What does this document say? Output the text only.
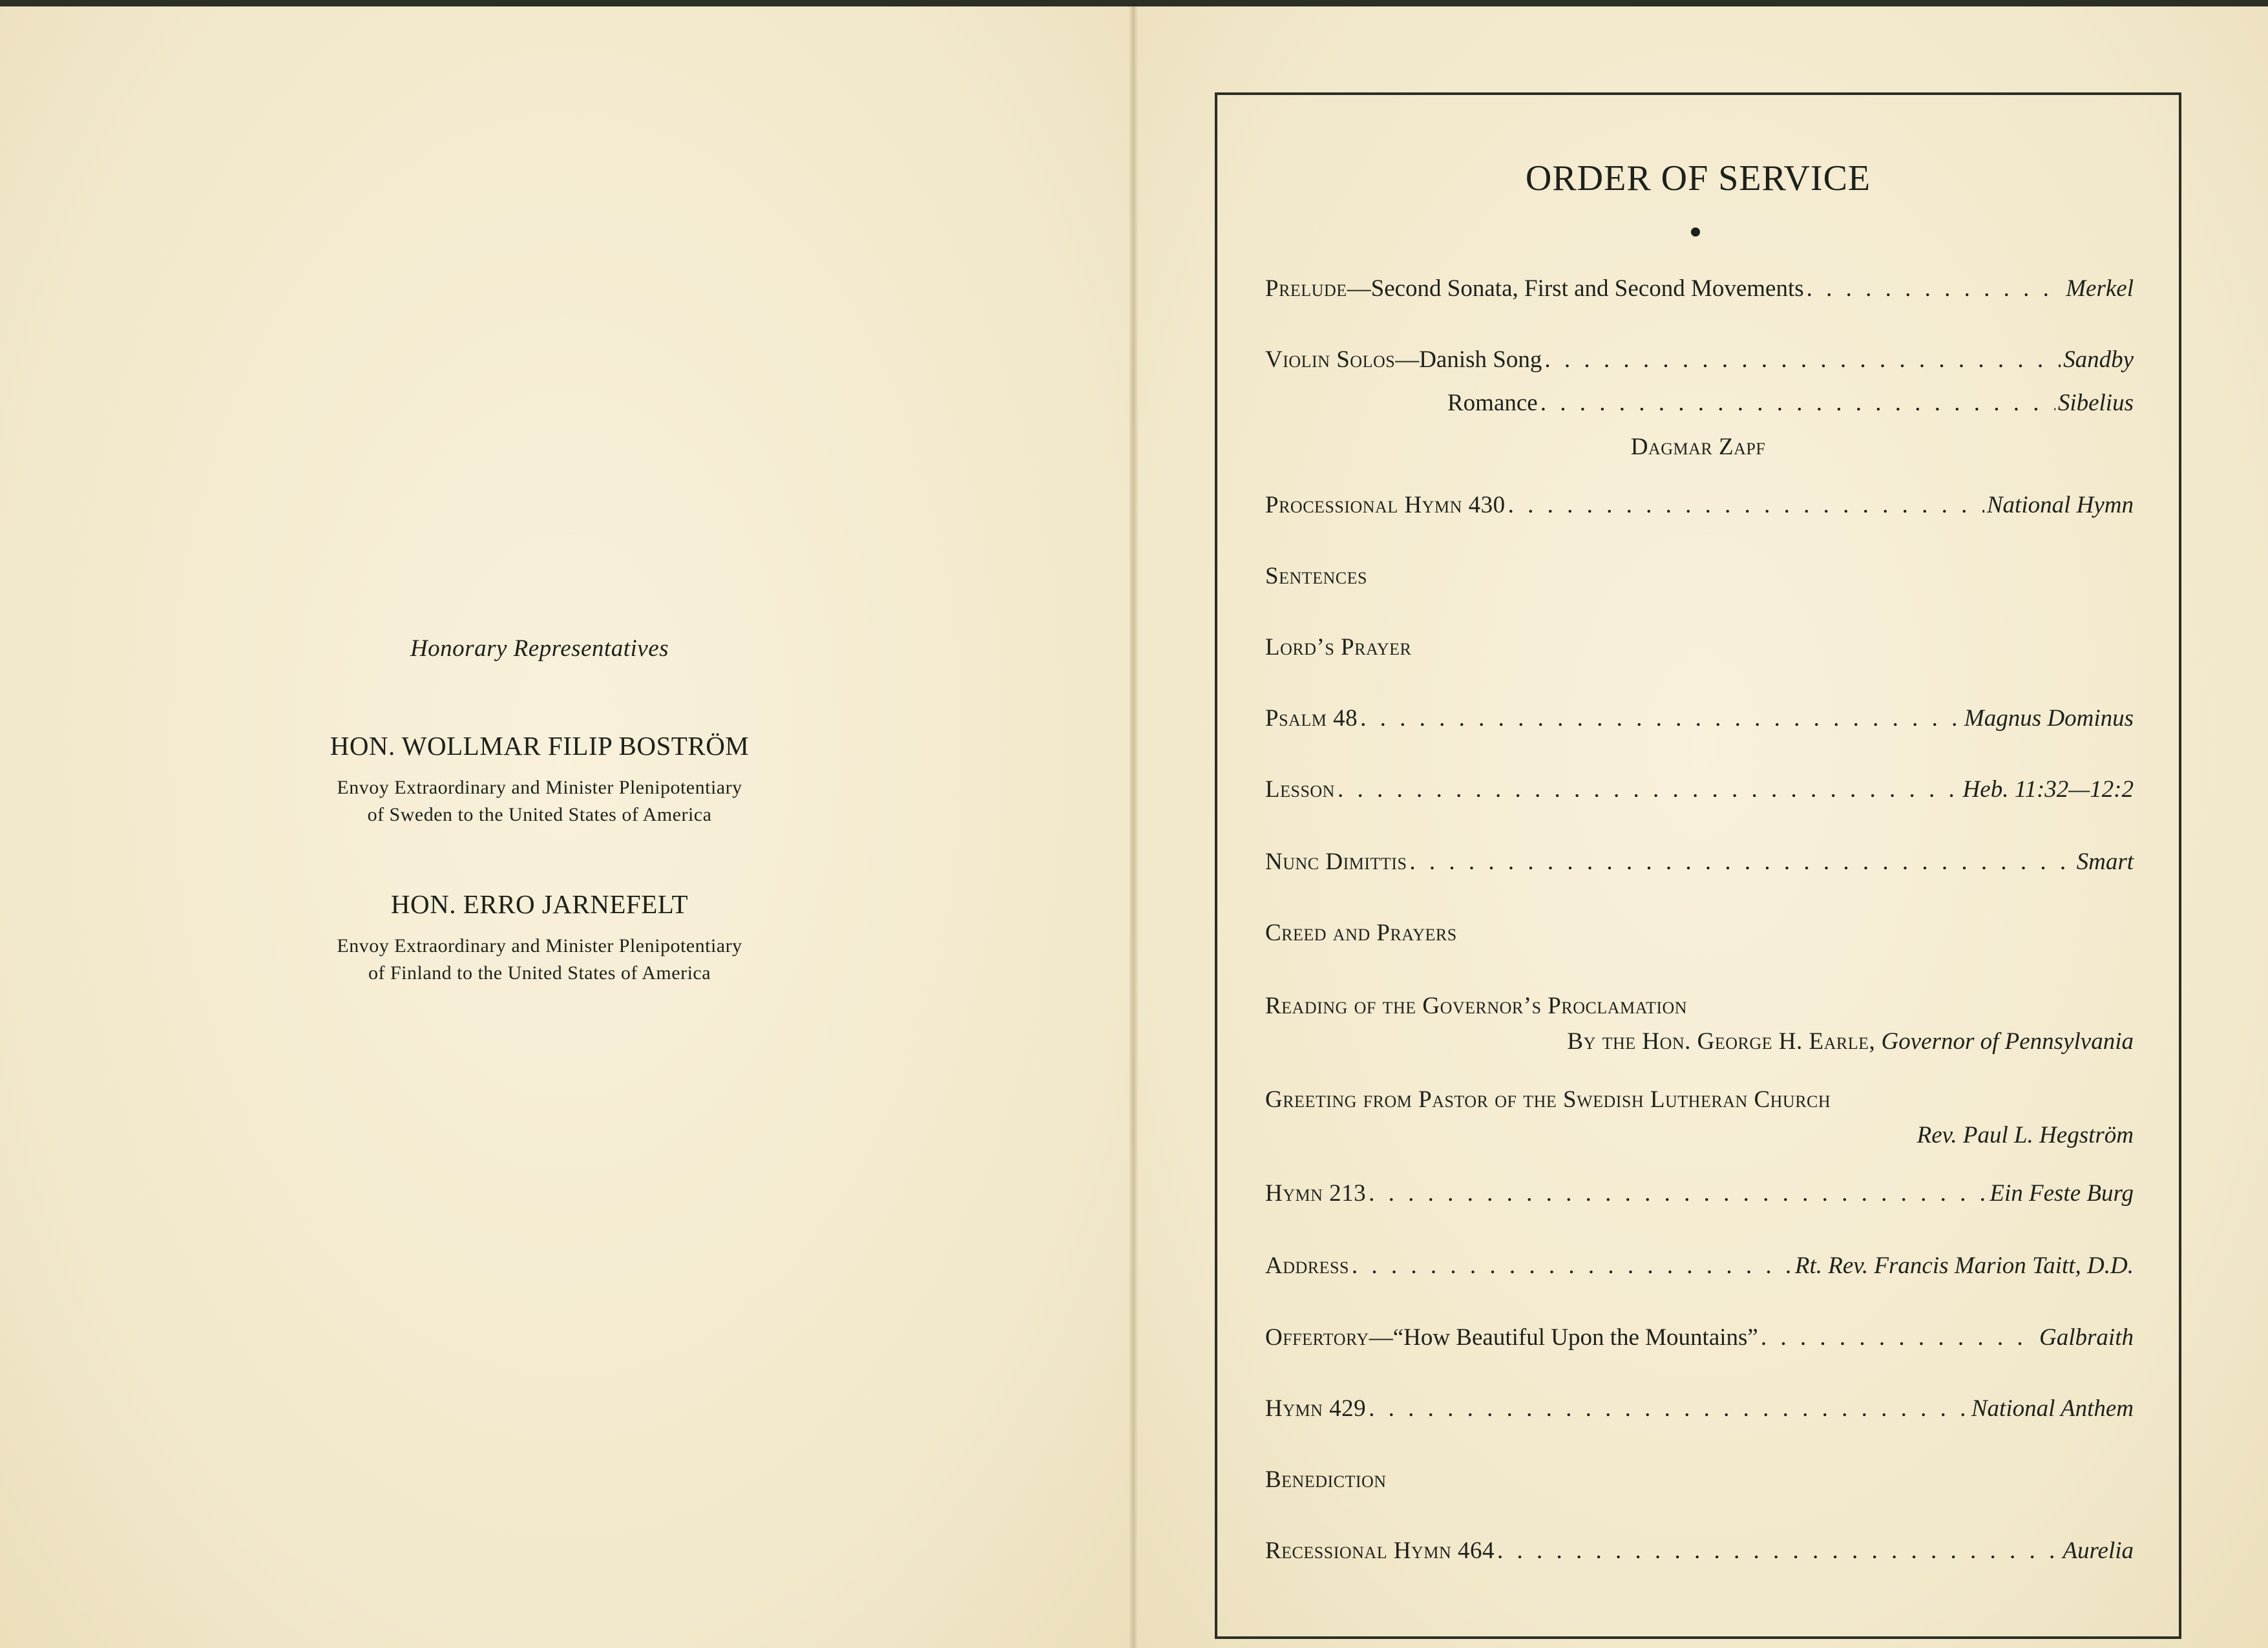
Honorary Representatives
HON. WOLLMAR FILIP BOSTRÖM
Envoy Extraordinary and Minister Plenipotentiary
of Sweden to the United States of America
HON. ERRO JARNEFELT
Envoy Extraordinary and Minister Plenipotentiary
of Finland to the United States of America
ORDER OF SERVICE
Prelude —Second Sonata, First and Second Movements . . .	Merkel
Violin Solos —Danish Song . . .	Sandby
Romance . . .	Sibelius
Dagmar Zapf
Processional Hymn 430 . . .	National Hymn
Sentences
Lord’s Prayer
Psalm 48 . . .	Magnus Dominus
Lesson . . .	Heb. 11:32—12:2
Nunc Dimittis . . .	Smart
Creed and Prayers
Reading of the Governor’s Proclamation
By the Hon. George H. Earle, Governor of Pennsylvania
Greeting from Pastor of the Swedish Lutheran Church
Rev. Paul L. Hegström
Hymn 213 . . .	Ein Feste Burg
Address . . .	Rt. Rev. Francis Marion Taitt, D.D.
Offertory —“How Beautiful Upon the Mountains” . . .	Galbraith
Hymn 429 . . .	National Anthem
Benediction
Recessional Hymn 464 . . .	Aurelia
